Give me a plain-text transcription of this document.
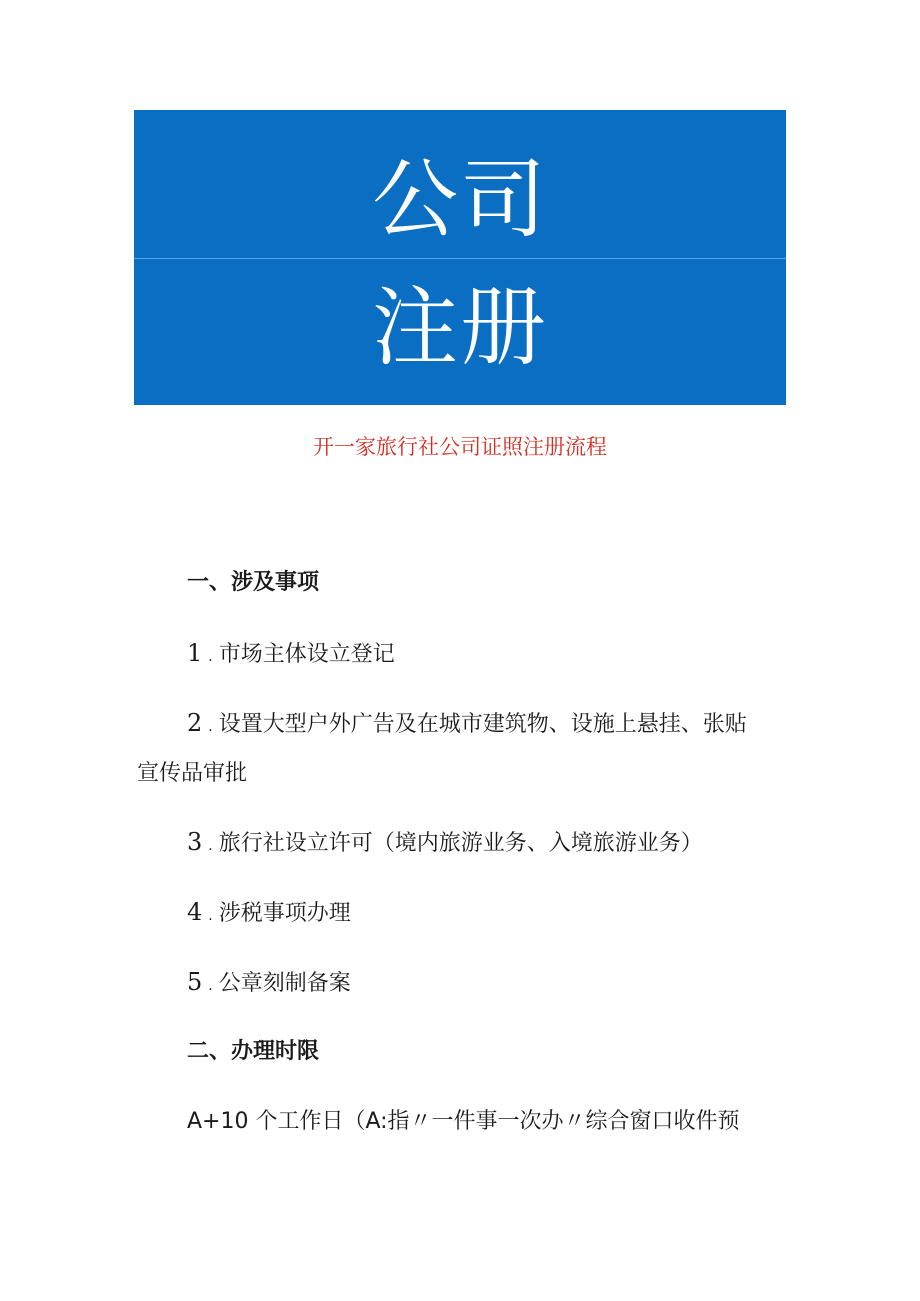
公司
注册
开一家旅行社公司证照注册流程
一、涉及事项
1 . 市场主体设立登记
2 . 设置大型户外广告及在城市建筑物、设施上悬挂、张贴
宣传品审批
3 . 旅行社设立许可（境内旅游业务、入境旅游业务）
4 . 涉税事项办理
5 . 公章刻制备案
二、办理时限
A+10 个工作日（A:指〃一件事一次办〃综合窗口收件预
